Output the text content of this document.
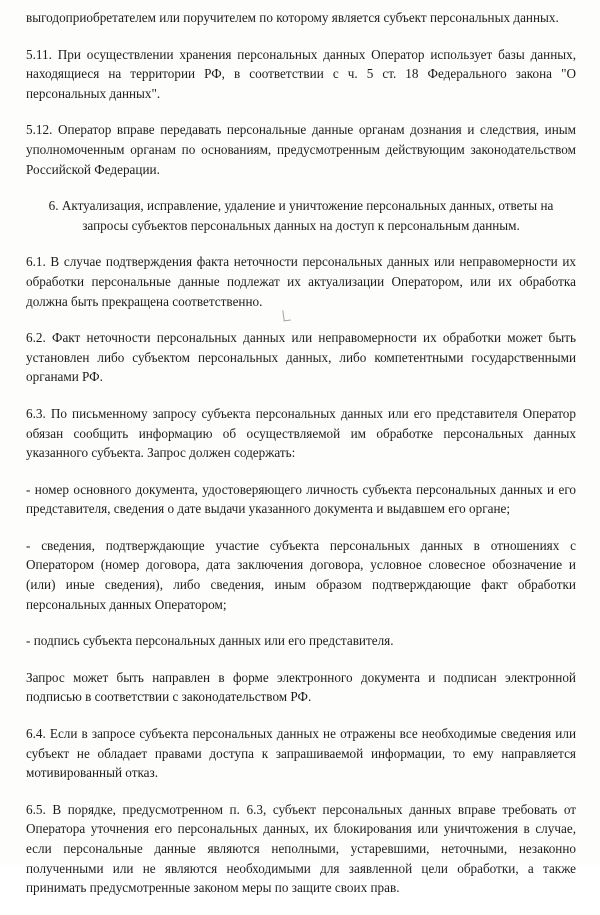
выгодоприобретателем или поручителем по которому является субъект персональных данных.

5.11. При осуществлении хранения персональных данных Оператор использует базы данных, находящиеся на территории РФ, в соответствии с ч. 5 ст. 18 Федерального закона "О персональных данных".

5.12. Оператор вправе передавать персональные данные органам дознания и следствия, иным уполномоченным органам по основаниям, предусмотренным действующим законодательством Российской Федерации.

6. Актуализация, исправление, удаление и уничтожение персональных данных, ответы на запросы субъектов персональных данных на доступ к персональным данным.

6.1. В случае подтверждения факта неточности персональных данных или неправомерности их обработки персональные данные подлежат их актуализации Оператором, или их обработка должна быть прекращена соответственно.

6.2. Факт неточности персональных данных или неправомерности их обработки может быть установлен либо субъектом персональных данных, либо компетентными государственными органами РФ.

6.3. По письменному запросу субъекта персональных данных или его представителя Оператор обязан сообщить информацию об осуществляемой им обработке персональных данных указанного субъекта. Запрос должен содержать:

- номер основного документа, удостоверяющего личность субъекта персональных данных и его представителя, сведения о дате выдачи указанного документа и выдавшем его органе;

- сведения, подтверждающие участие субъекта персональных данных в отношениях с Оператором (номер договора, дата заключения договора, условное словесное обозначение и (или) иные сведения), либо сведения, иным образом подтверждающие факт обработки персональных данных Оператором;

- подпись субъекта персональных данных или его представителя.

Запрос может быть направлен в форме электронного документа и подписан электронной подписью в соответствии с законодательством РФ.

6.4. Если в запросе субъекта персональных данных не отражены все необходимые сведения или субъект не обладает правами доступа к запрашиваемой информации, то ему направляется мотивированный отказ.

6.5. В порядке, предусмотренном п. 6.3, субъект персональных данных вправе требовать от Оператора уточнения его персональных данных, их блокирования или уничтожения в случае, если персональные данные являются неполными, устаревшими, неточными, незаконно полученными или не являются необходимыми для заявленной цели обработки, а также принимать предусмотренные законом меры по защите своих прав.
